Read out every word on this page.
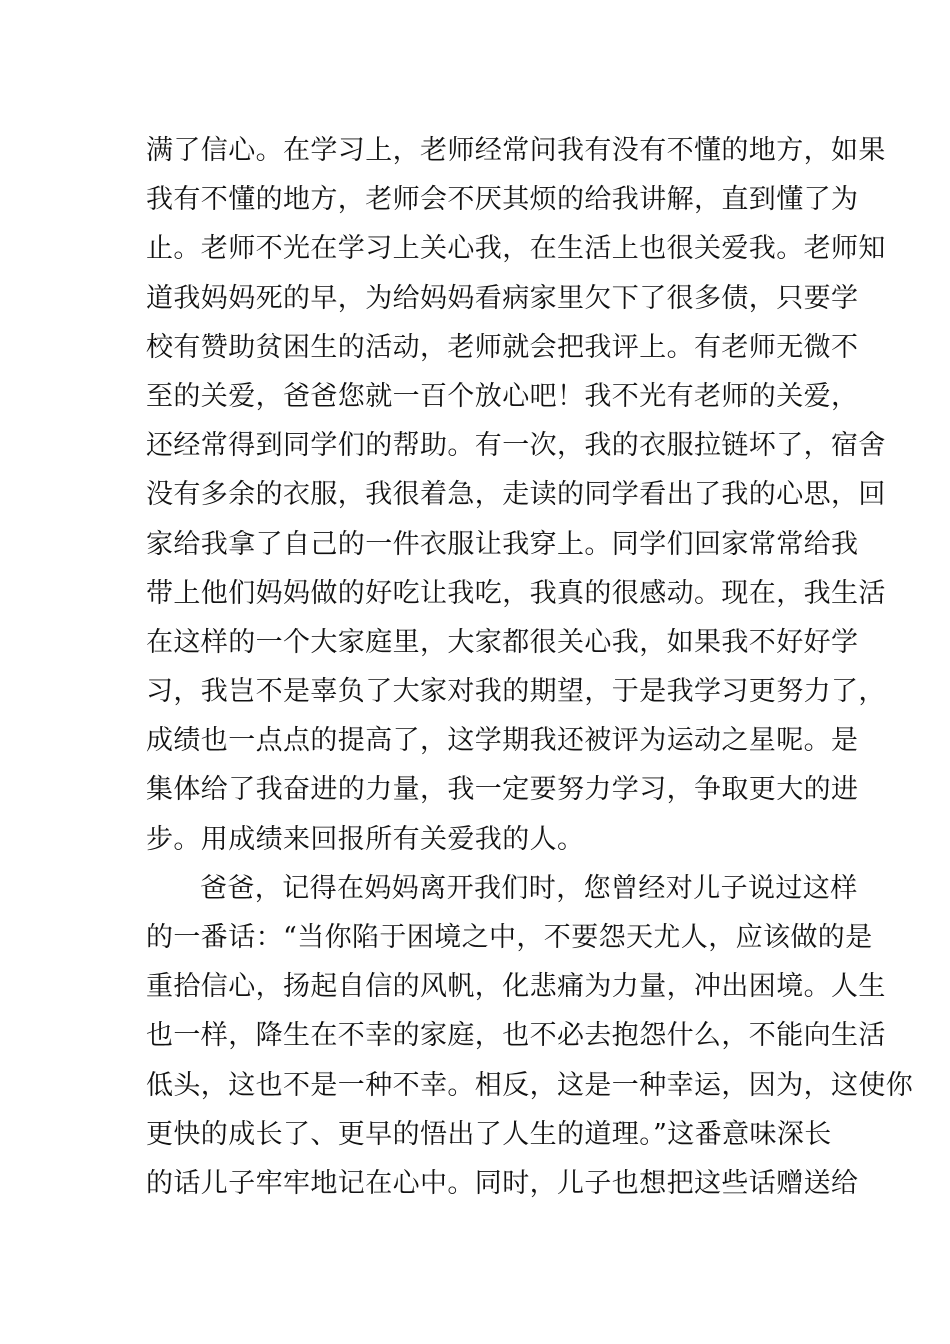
满了信心。在学习上，老师经常问我有没有不懂的地方，如果
我有不懂的地方，老师会不厌其烦的给我讲解，直到懂了为
止。老师不光在学习上关心我，在生活上也很关爱我。老师知
道我妈妈死的早，为给妈妈看病家里欠下了很多债，只要学
校有赞助贫困生的活动，老师就会把我评上。有老师无微不
至的关爱，爸爸您就一百个放心吧！我不光有老师的关爱，
还经常得到同学们的帮助。有一次，我的衣服拉链坏了，宿舍
没有多余的衣服，我很着急，走读的同学看出了我的心思，回
家给我拿了自己的一件衣服让我穿上。同学们回家常常给我
带上他们妈妈做的好吃让我吃，我真的很感动。现在，我生活
在这样的一个大家庭里，大家都很关心我，如果我不好好学
习，我岂不是辜负了大家对我的期望，于是我学习更努力了，
成绩也一点点的提高了，这学期我还被评为运动之星呢。是
集体给了我奋进的力量，我一定要努力学习，争取更大的进
步。用成绩来回报所有关爱我的人。
爸爸，记得在妈妈离开我们时，您曾经对儿子说过这样
的一番话：“当你陷于困境之中，不要怨天尤人，应该做的是
重拾信心，扬起自信的风帆，化悲痛为力量，冲出困境。人生
也一样，降生在不幸的家庭，也不必去抱怨什么，不能向生活
低头，这也不是一种不幸。相反，这是一种幸运，因为，这使你
更快的成长了、更早的悟出了人生的道理。”这番意味深长
的话儿子牢牢地记在心中。同时，儿子也想把这些话赠送给
